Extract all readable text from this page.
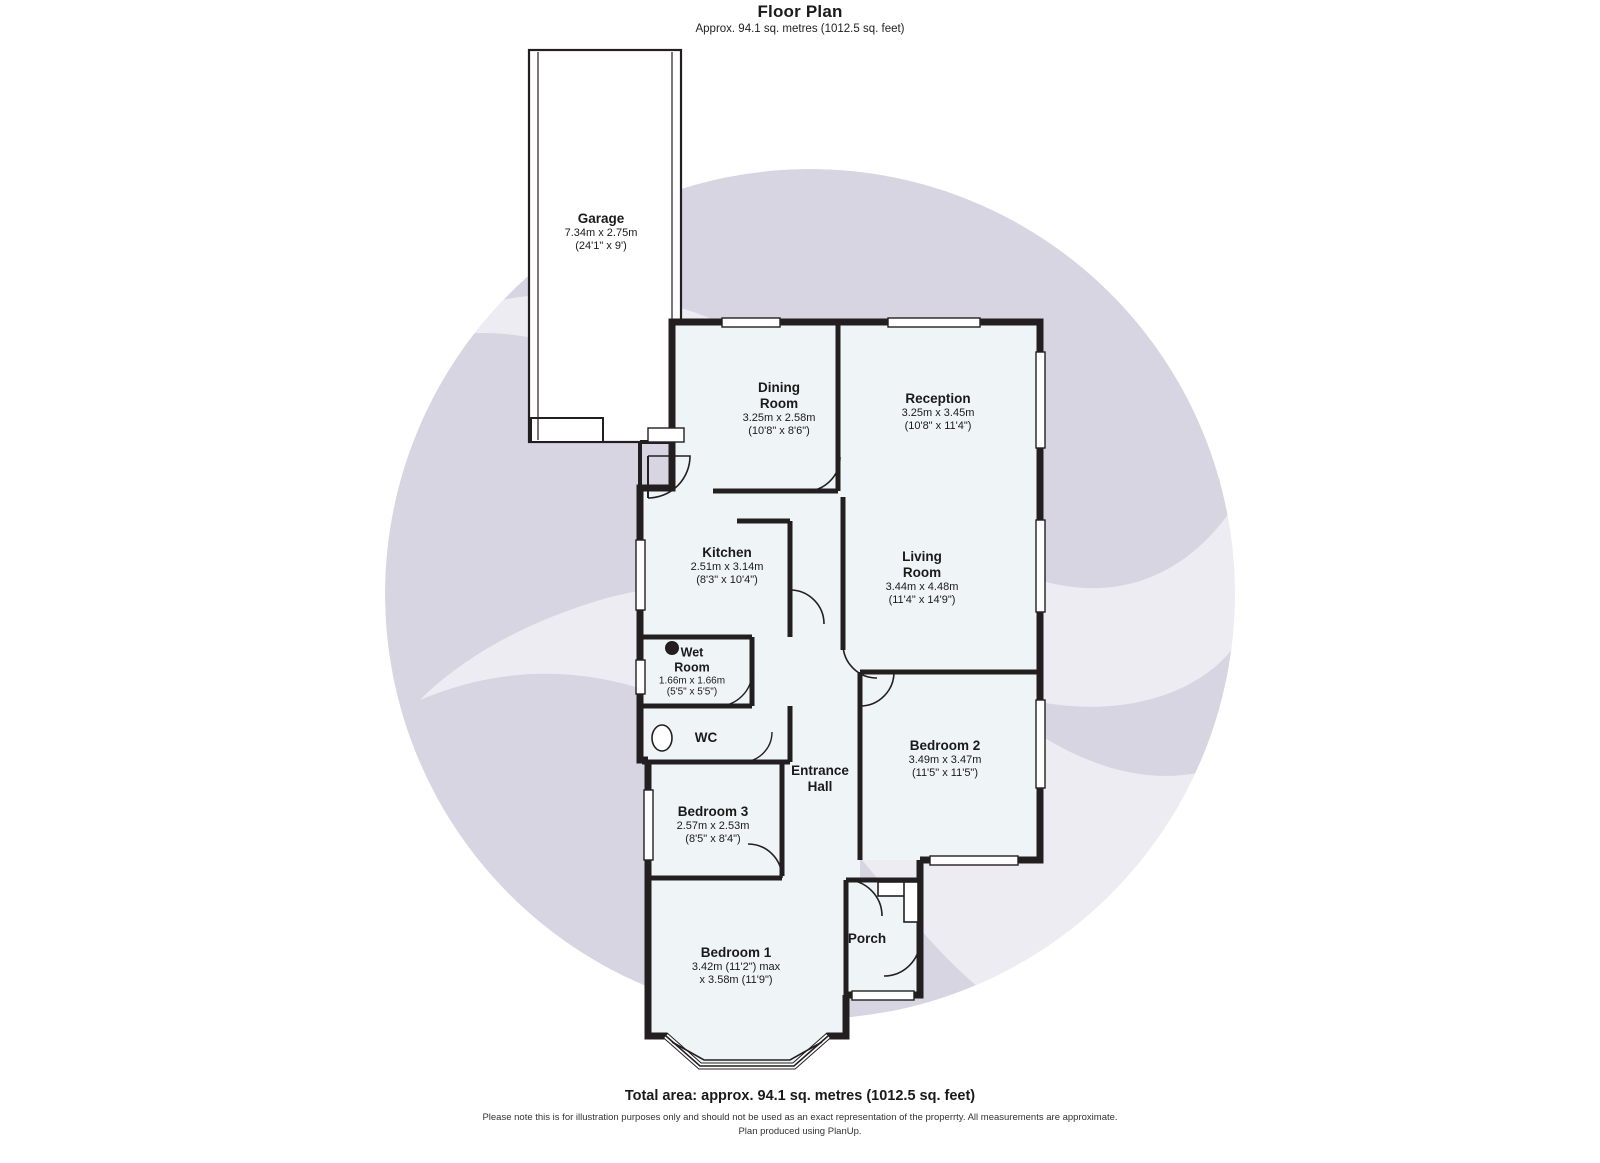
Floor Plan
Approx. 94.1 sq. metres (1012.5 sq. feet)
Garage
7.34m x 2.75m
(24'1" x 9')
Dining
Room
3.25m x 2.58m
(10'8" x 8'6")
Reception
3.25m x 3.45m
(10'8" x 11'4")
Living
Room
3.44m x 4.48m
(11'4" x 14'9")
Kitchen
2.51m x 3.14m
(8'3" x 10'4")
Wet
Room
1.66m x 1.66m
(5'5" x 5'5")
WC
Entrance
Hall
Bedroom 2
3.49m x 3.47m
(11'5" x 11'5")
Bedroom 3
2.57m x 2.53m
(8'5" x 8'4")
Bedroom 1
3.42m (11'2") max
x 3.58m (11'9")
Porch
Total area: approx. 94.1 sq. metres (1012.5 sq. feet)
Please note this is for illustration purposes only and should not be used as an exact representation of the properrty. All measurements are approximate.
Plan produced using PlanUp.
